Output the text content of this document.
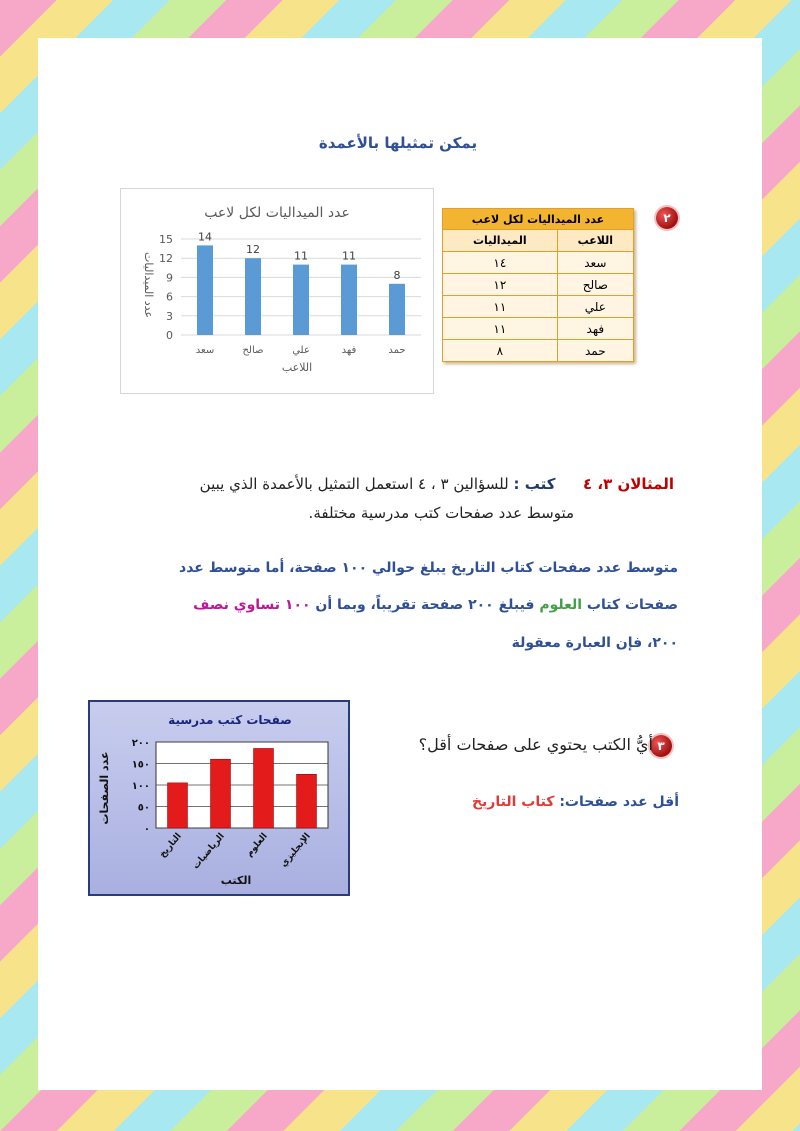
يمكن تمثيلها بالأعمدة
عدد الميداليات لكل لاعب
اللاعب
عدد الميداليات
0
3
6
9
12
15 14
سعد
12
صالح
11
علي
11
فهد
8
حمد
٢
عدد الميداليات لكل لاعب	
اللاعب	الميداليات
سعد	١٤
صالح	١٢
علي	١١
فهد	١١
حمد	٨
المثالان ٣، ٤  كتب : للسؤالين ٣ ، ٤ استعمل التمثيل بالأعمدة الذي يبين
متوسط عدد صفحات كتب مدرسية مختلفة.
متوسط عدد صفحات كتاب التاريخ يبلغ حوالي ١٠٠ صفحة، أما متوسط عدد
صفحات كتاب العلوم فيبلغ ٢٠٠ صفحة تقريباً، وبما أن ١٠٠ تساوي نصف
٢٠٠، فإن العبارة معقولة
صفحات كتب مدرسية
الكتب
عدد الصفحات
٠
٥٠
١٠٠
١٥٠
٢٠٠
التاريخ الرياضيات العلوم الإنجليزي
٣
أيُّ الكتب يحتوي على صفحات أقل؟
أقل عدد صفحات: كتاب التاريخ
